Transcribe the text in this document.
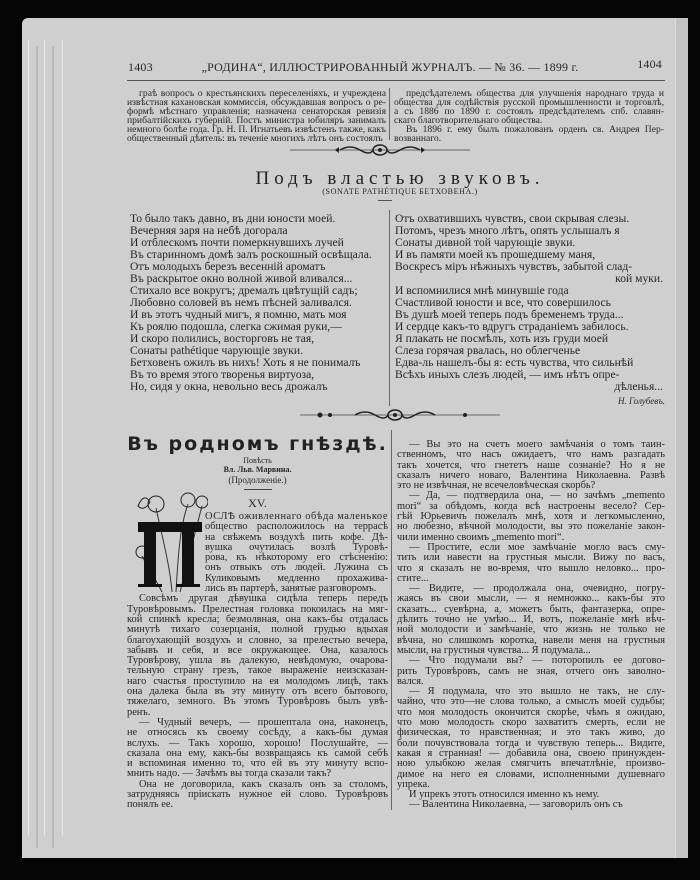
1403	„РОДИНА“, ИЛЛЮСТРИРОВАННЫЙ ЖУРНАЛЪ. — № 36. — 1899 г.	1404
граѣ вопросъ о крестьянскихъ переселеніяхъ, и учреждена
извѣстная кахановская коммиссія, обсуждавшая вопросъ о ре-
формѣ мѣстнаго управленія; назначена сенаторская ревизія
прибалтійскихъ губерній. Постъ министра юбиляръ занималъ
немного болѣе года. Гр. Н. П. Игнатьевъ извѣстенъ также, какъ
общественный дѣятель: въ теченіе многихъ лѣтъ онъ состоялъ
предсѣдателемъ общества для улучшенія народнаго труда и
общества для содѣйствія русской промышленности и торговлѣ,
а съ 1886 по 1890 г. состоялъ предсѣдателемъ спб. славян-
скаго благотворительнаго общества.
Въ 1896 г. ему былъ пожалованъ орденъ св. Андрея Пер-
возваннаго.
Подъ властью звуковъ.
(SONATE PATHÉTIQUE БЕТХОВЕНА.)
То было такъ давно, въ дни юности моей.
Вечерняя заря на небѣ догорала
И отблескомъ почти померкнувшихъ лучей
Въ старинномъ домѣ залъ роскошный освѣщала.
Отъ молодыхъ березъ весенній ароматъ
Въ раскрытое окно волной живой вливался...
Стихало все вокругъ; дремалъ цвѣтущій садъ;
Любовно соловей въ немъ пѣсней заливался.
И въ этотъ чудный мигъ, я помню, мать моя
Къ роялю подошла, слегка сжимая руки,—
И скоро полились, восторговъ не тая,
Сонаты pathétique чарующіе звуки.
Бетховенъ ожилъ въ нихъ! Хоть я не понималъ
Въ то время этого творенья виртуоза,
Но, сидя у окна, невольно весь дрожалъ
Отъ охватившихъ чувствъ, свои скрывая слезы.
Потомъ, чрезъ много лѣтъ, опять услышалъ я
Сонаты дивной той чарующіе звуки.
И въ памяти моей къ прошедшему маня,
Воскресъ міръ нѣжныхъ чувствъ, забытой слад-
кой муки.
И вспомнилися мнѣ минувшіе года
Счастливой юности и все, что совершилось
Въ душѣ моей теперь подъ бременемъ труда...
И сердце какъ-то вдругъ страданіемъ забилось.
Я плакать не посмѣлъ, хоть изъ груди моей
Слеза горячая рвалась, но облегченье
Едва-ль нашелъ-бы я: есть чувства, что сильнѣй
Всѣхъ иныхъ слезъ людей, — имъ нѣтъ опре-
дѣленья...
Н. Голубевъ.
Въ родномъ гнѣздѣ.
Повѣсть
Вл. Льв. Марвина.
(Продолженіе.)
XV.
П
ОСЛѢ оживленнаго обѣда маленькое
общество расположилось на террасѣ
на свѣжемъ воздухѣ пить кофе. Дѣ-
вушка очутилась возлѣ Туровѣ-
рова, къ нѣкоторому его стѣсненію:
онъ отвыкъ отъ людей. Лужина съ
Куликовымъ медленно прохажива-
лись въ партерѣ, занятые разговоромъ.
Совсѣмъ другая дѣвушка сидѣла теперь передъ
Туровѣровымъ. Прелестная головка покоилась на мяг-
кой спинкѣ кресла; безмолвная, она какъ-бы отдалась
минутѣ тихаго созерцанія, полной грудью вдыхая
благоухающій воздухъ и словно, за прелестью вечера,
забывъ и себя, и все окружающее. Она, казалось
Туровѣрову, ушла въ далекую, невѣдомую, очарова-
тельную страну грезъ, такое выраженіе неизсказан-
наго счастья проступило на ея молодомъ лицѣ, такъ
она далека была въ эту минуту отъ всего бытового,
тяжелаго, земного. Въ этомъ Туровѣровъ былъ увѣ-
ренъ.
— Чудный вечеръ, — прошептала она, наконецъ,
не относясь къ своему сосѣду, а какъ-бы думая
вслухъ. — Такъ хорошо, хорошо! Послушайте, —
сказала она ему, какъ-бы возвращаясь къ самой себѣ
и вспоминая именно то, что ей въ эту минуту вспо-
мнить надо. — Зачѣмъ вы тогда сказали такъ?
Она не договорила, какъ сказалъ онъ за столомъ,
затрудняясь пріискать нужное ей слово. Туровѣровъ
понялъ ее.
— Вы это на счетъ моего замѣчанія о томъ таин-
ственномъ, что насъ ожидаетъ, что намъ разгадать
такъ хочется, что гнететъ наше сознаніе? Но я не
сказалъ ничего новаго, Валентина Николаевна. Развѣ
это не извѣчная, не всечеловѣческая скорбь?
— Да, — подтвердила она, — но зачѣмъ „memento
mori“ за обѣдомъ, когда всѣ настроены весело? Сер-
гѣй Юрьевичъ пожелалъ мнѣ, хотя и легкомысленно,
но любезно, вѣчной молодости, вы это пожеланіе закон-
чили именно своимъ „memento mori“.
— Простите, если мое замѣчаніе могло васъ сму-
тить или навести на грустныя мысли. Вижу по васъ,
что я сказалъ не во-время, что вышло неловко... про-
стите...
— Видите, — продолжала она, очевидно, погру-
жаясь въ свои мысли, — я немножко... какъ-бы это
сказать... суевѣрна, а, можетъ быть, фантазерка, опре-
дѣлить точно не умѣю... И, вотъ, пожеланіе мнѣ вѣч-
ной молодости и замѣчаніе, что жизнь не только не
вѣчна, но слишкомъ коротка, навели меня на грустныя
мысли, на грустныя чувства... Я подумала...
— Что подумали вы? — поторопилъ ее догово-
рить Туровѣровъ, самъ не зная, отчего онъ заволно-
вался.
— Я подумала, что это вышло не такъ, не слу-
чайно, что это—не слова только, а смыслъ моей судьбы;
что моя молодость окончится скорѣе, чѣмъ я ожидаю,
что мою молодость скоро захватитъ смерть, если не
физическая, то нравственная; и это такъ живо, до
боли почувствовала тогда и чувствую теперь... Видите,
какая я странная! — добавила она, своею принужден-
ною улыбкою желая смягчить впечатлѣніе, произво-
димое на него ея словами, исполненными душевнаго
упрека.
И упрекъ этотъ относился именно къ нему.
— Валентина Николаевна, — заговорилъ онъ съ
